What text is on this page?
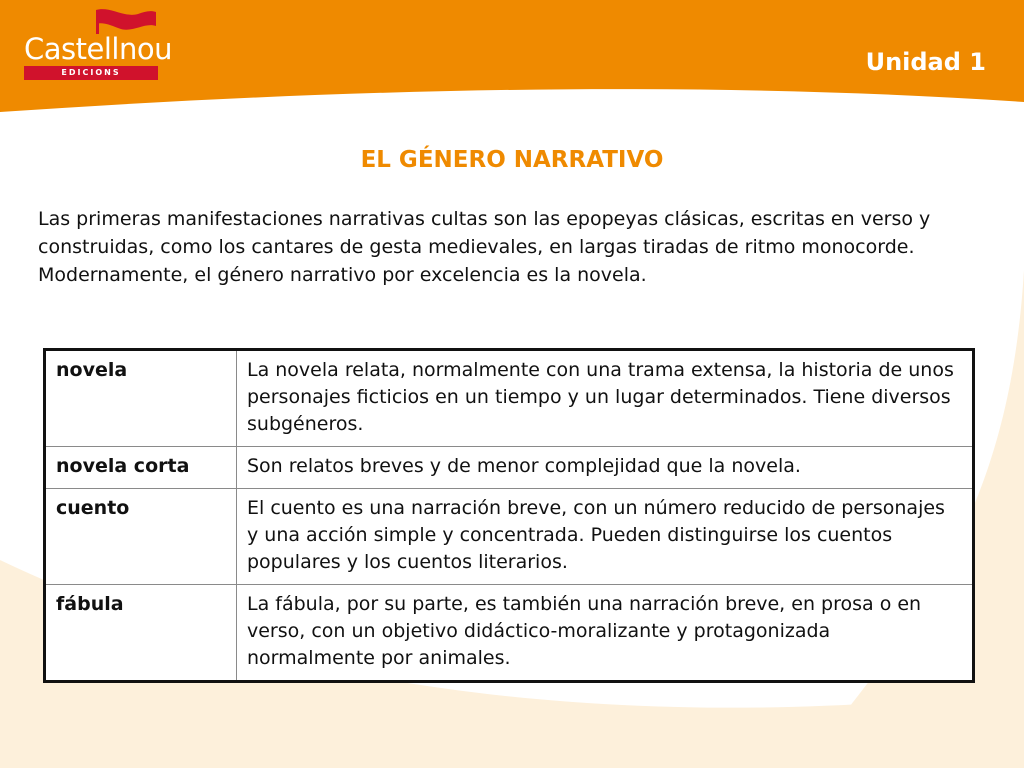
Castellnou
EDICIONS	Unidad 1
EL GÉNERO NARRATIVO

Las primeras manifestaciones narrativas cultas son las epopeyas clásicas, escritas en verso y construidas, como los cantares de gesta medievales, en largas tiradas de ritmo monocorde. Modernamente, el género narrativo por excelencia es la novela.

novela	La novela relata, normalmente con una trama extensa, la historia de unos personajes ficticios en un tiempo y un lugar determinados. Tiene diversos subgéneros.
novela corta	Son relatos breves y de menor complejidad que la novela.
cuento	El cuento es una narración breve, con un número reducido de personajes y una acción simple y concentrada. Pueden distinguirse los cuentos populares y los cuentos literarios.
fábula	La fábula, por su parte, es también una narración breve, en prosa o en verso, con un objetivo didáctico-moralizante y protagonizada normalmente por animales.
